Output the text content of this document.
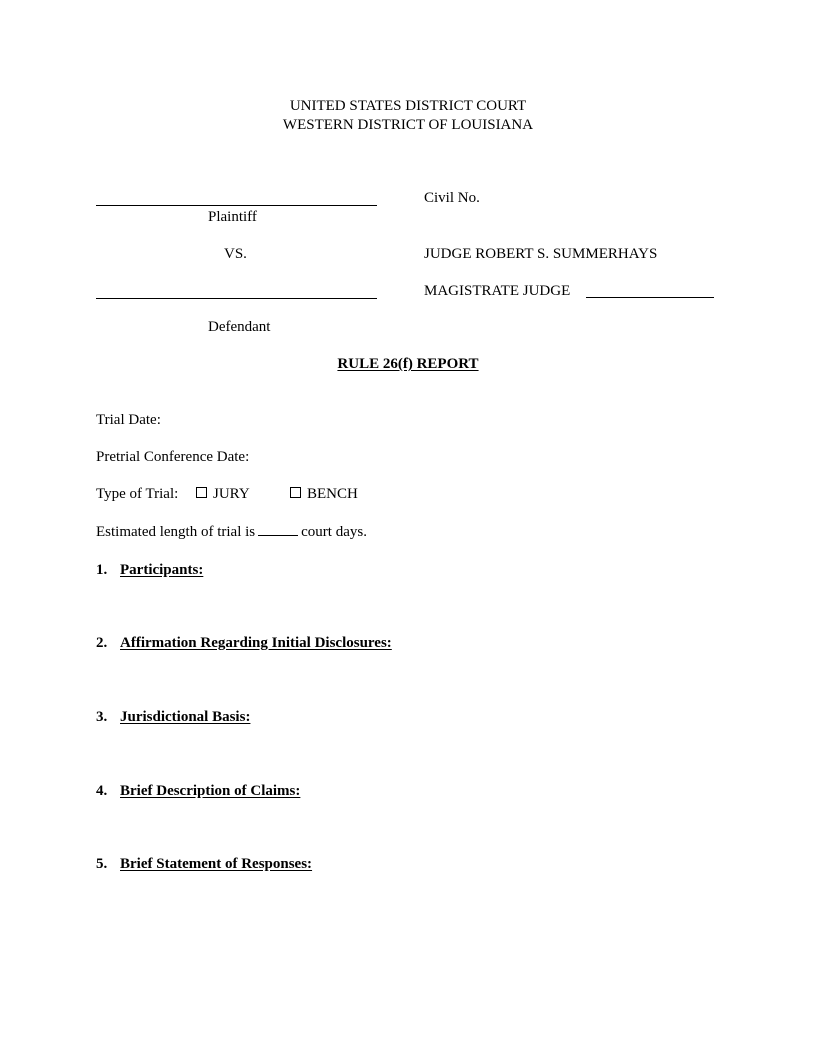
UNITED STATES DISTRICT COURT
WESTERN DISTRICT OF LOUISIANA
Plaintiff
VS.
Defendant
Civil No.
JUDGE ROBERT S. SUMMERHAYS
MAGISTRATE JUDGE
RULE 26(f) REPORT
Trial Date:
Pretrial Conference Date:
Type of Trial:	JURY	BENCH
Estimated length of trial is	court days.
1. Participants:
2. Affirmation Regarding Initial Disclosures:
3. Jurisdictional Basis:
4. Brief Description of Claims:
5. Brief Statement of Responses:
